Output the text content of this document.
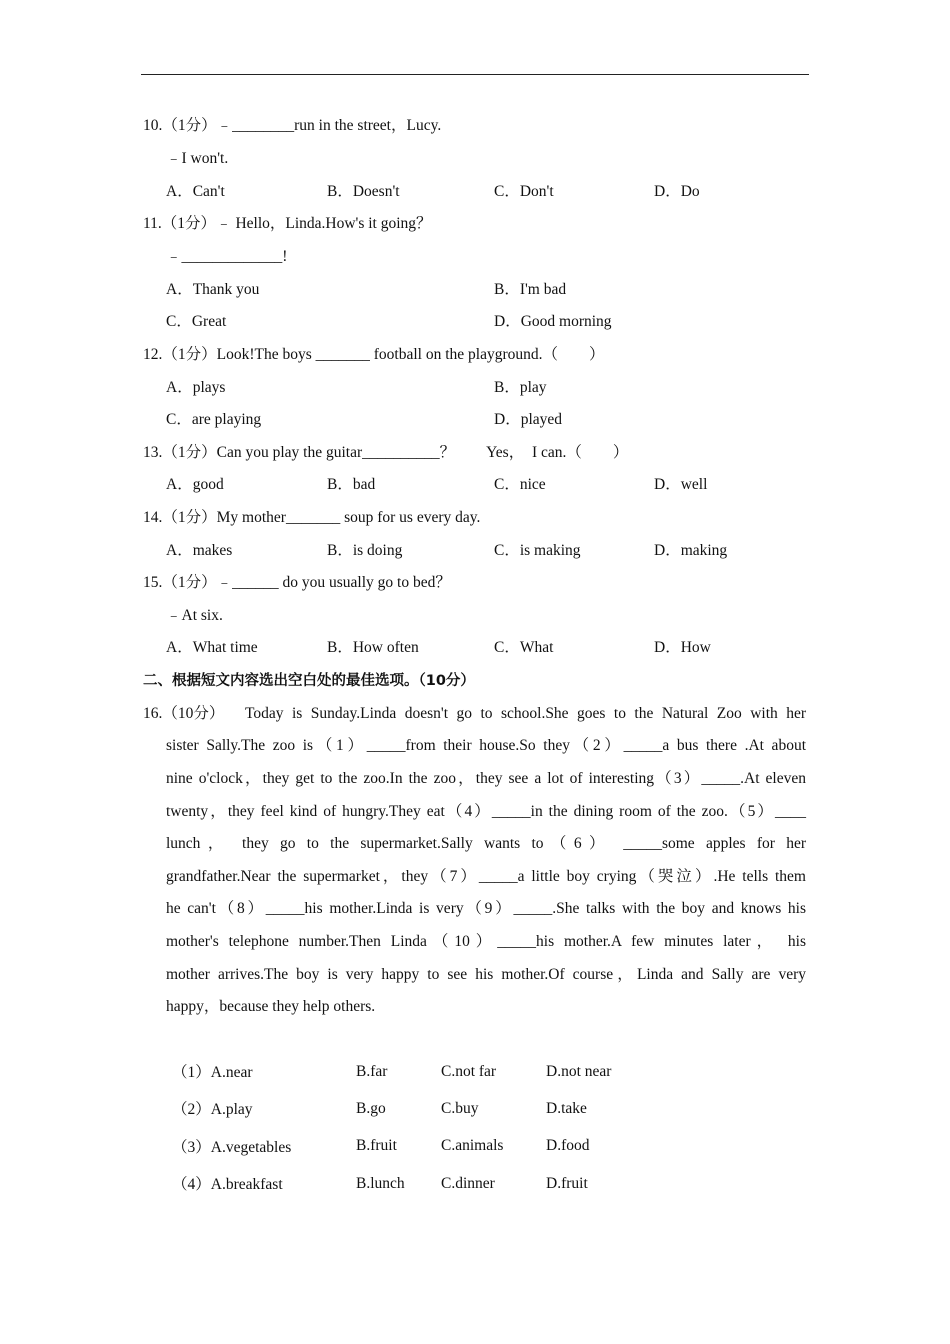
10.（1分）﹣________run in the street，Lucy.
﹣I won't.
A．Can't	B．Doesn't	C．Don't	D．Do
11.（1分）﹣ Hello，Linda.How's it going？
﹣_____________!
A．Thank you	B．I'm bad
C．Great	D．Good morning
12.（1分）Look!The boys _______ football on the playground.（　　）
A．plays	B．play
C．are playing	D．played
13.（1分）Can you play the guitar__________？　　Yes，　I can.（　　）
A．good	B．bad	C．nice	D．well
14.（1分）My mother_______ soup for us every day.
A．makes	B．is doing	C．is making	D．making
15.（1分）﹣______ do you usually go to bed？
﹣At six.
A．What time	B．How often	C．What	D．How
二、根据短文内容选出空白处的最佳选项。（10分）
16.（10分） Today is Sunday.Linda doesn't go to school.She goes to the Natural Zoo with her
sister Sally.The zoo is（1）_____from their house.So they（2）_____a bus there .At about
nine o'clock，they get to the zoo.In the zoo，they see a lot of interesting（3）_____.At eleven
twenty，they feel kind of hungry.They eat（4）_____in the dining room of the zoo.（5）____
lunch， they go to the supermarket.Sally wants to（6） _____some apples for her
grandfather.Near the supermarket，they（7）_____a little boy crying（哭泣）.He tells them
he can't（8）_____his mother.Linda is very（9）_____.She talks with the boy and knows his
mother's telephone number.Then Linda（10）_____his mother.A few minutes later， his
mother arrives.The boy is very happy to see his mother.Of course，Linda and Sally are very
happy，because they help others.
（1）A.near	B.far	C.not far	D.not near
（2）A.play	B.go	C.buy	D.take
（3）A.vegetables	B.fruit	C.animals	D.food
（4）A.breakfast	B.lunch C.dinner	D.fruit
